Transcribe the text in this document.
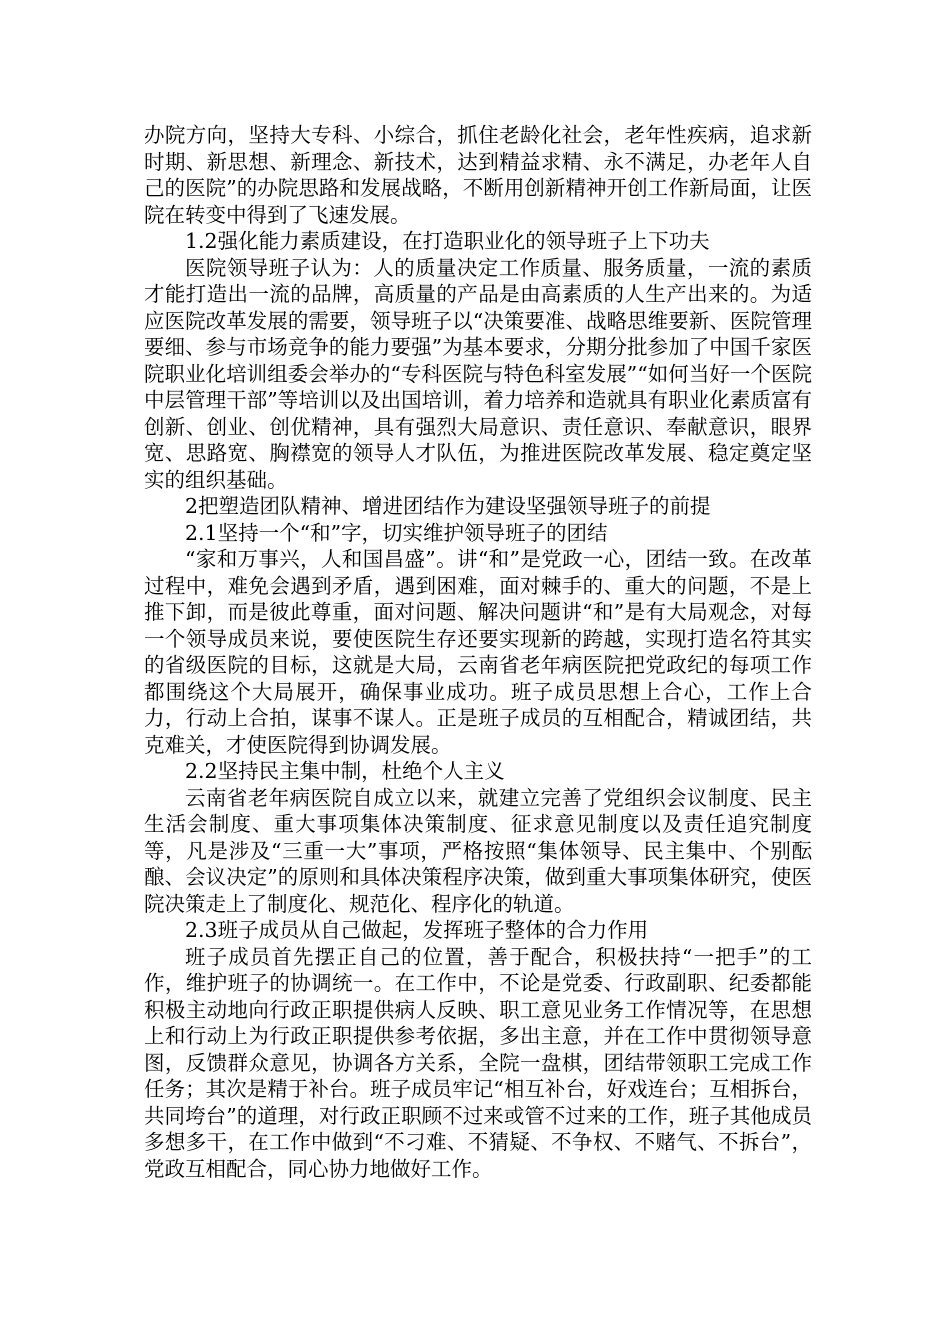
办院方向，坚持大专科、小综合，抓住老龄化社会，老年性疾病，追求新时期、新思想、新理念、新技术，达到精益求精、永不满足，办老年人自己的医院”的办院思路和发展战略，不断用创新精神开创工作新局面，让医院在转变中得到了飞速发展。

1.2强化能力素质建设，在打造职业化的领导班子上下功夫

医院领导班子认为：人的质量决定工作质量、服务质量，一流的素质才能打造出一流的品牌，高质量的产品是由高素质的人生产出来的。为适应医院改革发展的需要，领导班子以“决策要准、战略思维要新、医院管理要细、参与市场竞争的能力要强”为基本要求，分期分批参加了中国千家医院职业化培训组委会举办的“专科医院与特色科室发展”“如何当好一个医院中层管理干部”等培训以及出国培训，着力培养和造就具有职业化素质富有创新、创业、创优精神，具有强烈大局意识、责任意识、奉献意识，眼界宽、思路宽、胸襟宽的领导人才队伍，为推进医院改革发展、稳定奠定坚实的组织基础。

2把塑造团队精神、增进团结作为建设坚强领导班子的前提

2.1坚持一个“和”字，切实维护领导班子的团结

“家和万事兴，人和国昌盛”。讲“和”是党政一心，团结一致。在改革过程中，难免会遇到矛盾，遇到困难，面对棘手的、重大的问题，不是上推下卸，而是彼此尊重，面对问题、解决问题讲“和”是有大局观念，对每一个领导成员来说，要使医院生存还要实现新的跨越，实现打造名符其实的省级医院的目标，这就是大局，云南省老年病医院把党政纪的每项工作都围绕这个大局展开，确保事业成功。班子成员思想上合心，工作上合力，行动上合拍，谋事不谋人。正是班子成员的互相配合，精诚团结，共克难关，才使医院得到协调发展。

2.2坚持民主集中制，杜绝个人主义

云南省老年病医院自成立以来，就建立完善了党组织会议制度、民主生活会制度、重大事项集体决策制度、征求意见制度以及责任追究制度等，凡是涉及“三重一大”事项，严格按照“集体领导、民主集中、个别酝酿、会议决定”的原则和具体决策程序决策，做到重大事项集体研究，使医院决策走上了制度化、规范化、程序化的轨道。

2.3班子成员从自己做起，发挥班子整体的合力作用

班子成员首先摆正自己的位置，善于配合，积极扶持“一把手”的工作，维护班子的协调统一。在工作中，不论是党委、行政副职、纪委都能积极主动地向行政正职提供病人反映、职工意见业务工作情况等，在思想上和行动上为行政正职提供参考依据，多出主意，并在工作中贯彻领导意图，反馈群众意见，协调各方关系，全院一盘棋，团结带领职工完成工作任务；其次是精于补台。班子成员牢记“相互补台，好戏连台；互相拆台，共同垮台”的道理，对行政正职顾不过来或管不过来的工作，班子其他成员多想多干，在工作中做到“不刁难、不猜疑、不争权、不赌气、不拆台”，党政互相配合，同心协力地做好工作。
